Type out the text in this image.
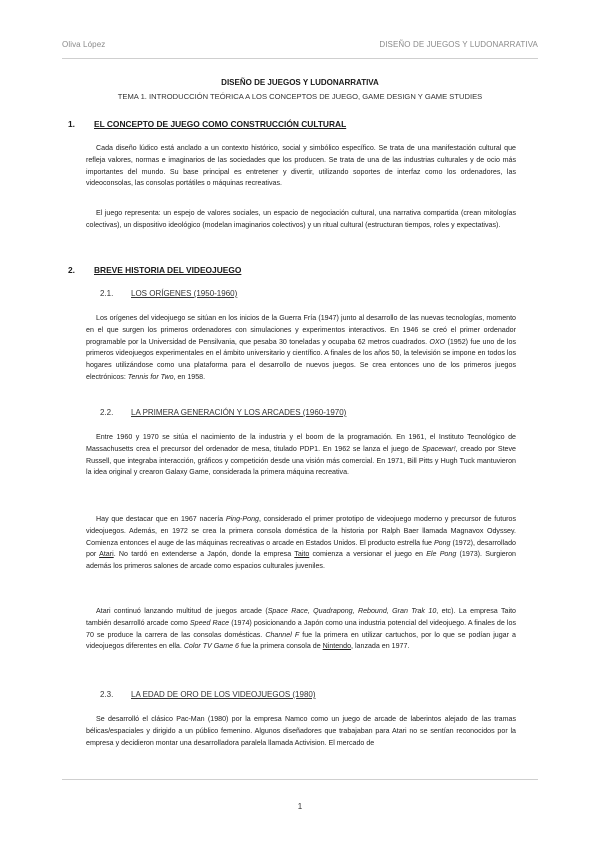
Oliva López	DISEÑO DE JUEGOS Y LUDONARRATIVA
DISEÑO DE JUEGOS Y LUDONARRATIVA
TEMA 1. INTRODUCCIÓN TEÓRICA A LOS CONCEPTOS DE JUEGO, GAME DESIGN Y GAME STUDIES
1. EL CONCEPTO DE JUEGO COMO CONSTRUCCIÓN CULTURAL
Cada diseño lúdico está anclado a un contexto histórico, social y simbólico específico. Se trata de una manifestación cultural que refleja valores, normas e imaginarios de las sociedades que los producen. Se trata de una de las industrias culturales y de ocio más importantes del mundo. Su base principal es entretener y divertir, utilizando soportes de interfaz como los ordenadores, las videoconsolas, las consolas portátiles o máquinas recreativas.
El juego representa: un espejo de valores sociales, un espacio de negociación cultural, una narrativa compartida (crean mitologías colectivas), un dispositivo ideológico (modelan imaginarios colectivos) y un ritual cultural (estructuran tiempos, roles y expectativas).
2. BREVE HISTORIA DEL VIDEOJUEGO
2.1. LOS ORÍGENES (1950-1960)
Los orígenes del videojuego se sitúan en los inicios de la Guerra Fría (1947) junto al desarrollo de las nuevas tecnologías, momento en el que surgen los primeros ordenadores con simulaciones y experimentos interactivos. En 1946 se creó el primer ordenador programable por la Universidad de Pensilvania, que pesaba 30 toneladas y ocupaba 62 metros cuadrados. OXO (1952) fue uno de los primeros videojuegos experimentales en el ámbito universitario y científico. A finales de los años 50, la televisión se impone en todos los hogares utilizándose como una plataforma para el desarrollo de nuevos juegos. Se crea entonces uno de los primeros juegos electrónicos: Tennis for Two, en 1958.
2.2. LA PRIMERA GENERACIÓN Y LOS ARCADES (1960-1970)
Entre 1960 y 1970 se sitúa el nacimiento de la industria y el boom de la programación. En 1961, el Instituto Tecnológico de Massachusetts crea el precursor del ordenador de mesa, titulado PDP1. En 1962 se lanza el juego de Spacewar!, creado por Steve Russell, que integraba interacción, gráficos y competición desde una visión más comercial. En 1971, Bill Pitts y Hugh Tuck mantuvieron la idea original y crearon Galaxy Game, considerada la primera máquina recreativa.
Hay que destacar que en 1967 nacería Ping-Pong, considerado el primer prototipo de videojuego moderno y precursor de futuros videojuegos. Además, en 1972 se crea la primera consola doméstica de la historia por Ralph Baer llamada Magnavox Odyssey. Comienza entonces el auge de las máquinas recreativas o arcade en Estados Unidos. El producto estrella fue Pong (1972), desarrollado por Atari. No tardó en extenderse a Japón, donde la empresa Taito comienza a versionar el juego en Ele Pong (1973). Surgieron además los primeros salones de arcade como espacios culturales juveniles.
Atari continuó lanzando multitud de juegos arcade (Space Race, Quadrapong, Rebound, Gran Trak 10, etc). La empresa Taito también desarrolló arcade como Speed Race (1974) posicionando a Japón como una industria potencial del videojuego. A finales de los 70 se produce la carrera de las consolas domésticas. Channel F fue la primera en utilizar cartuchos, por lo que se podían jugar a videojuegos diferentes en ella. Color TV Game 6 fue la primera consola de Nintendo, lanzada en 1977.
2.3. LA EDAD DE ORO DE LOS VIDEOJUEGOS (1980)
Se desarrolló el clásico Pac-Man (1980) por la empresa Namco como un juego de arcade de laberintos alejado de las tramas bélicas/espaciales y dirigido a un público femenino. Algunos diseñadores que trabajaban para Atari no se sentían reconocidos por la empresa y decidieron montar una desarrolladora paralela llamada Activision. El mercado de
1
